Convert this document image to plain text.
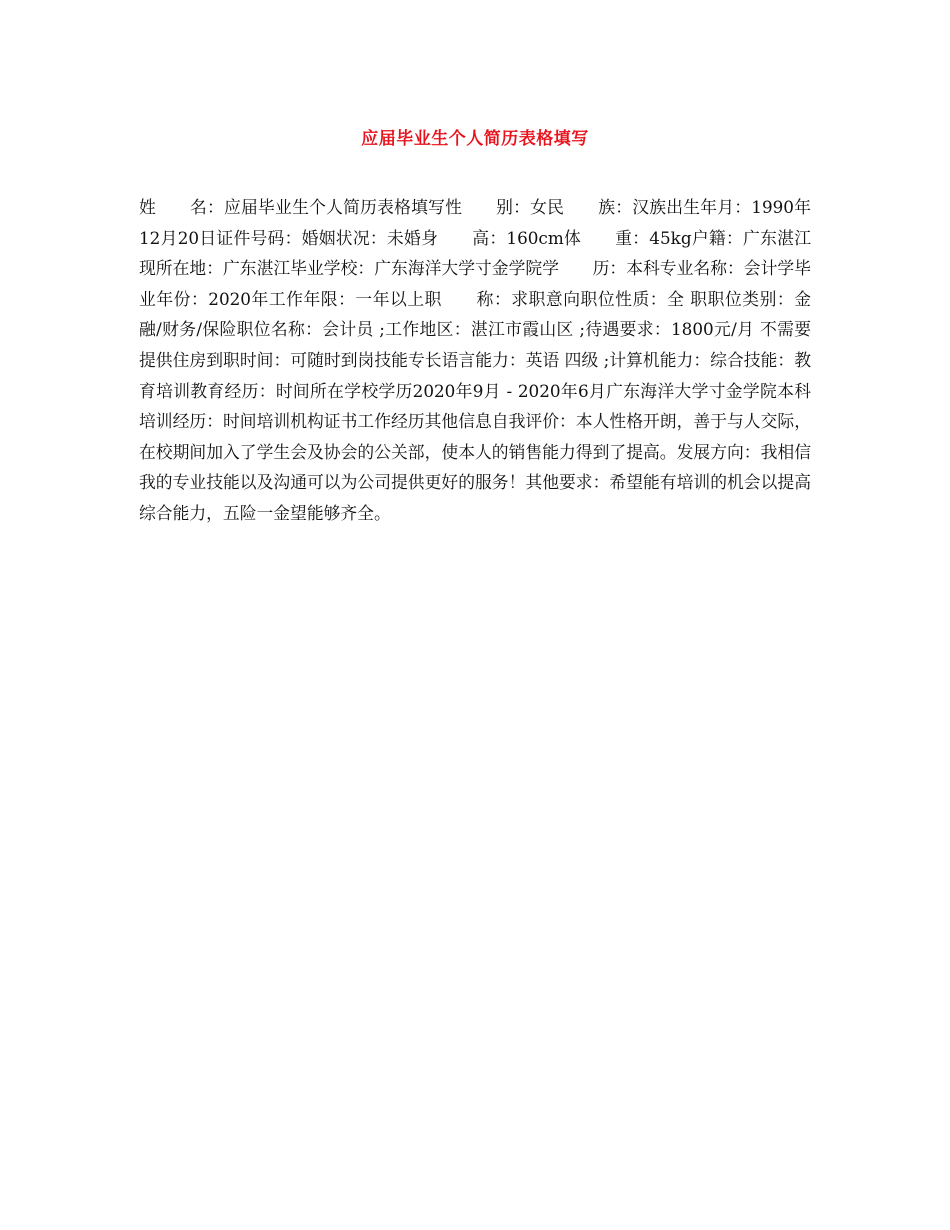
应届毕业生个人简历表格填写

姓　　名：应届毕业生个人简历表格填写性　　别：女民　　族：汉族出生年月：1990年12月20日证件号码：婚姻状况：未婚身　　高：160cm体　　重：45kg户籍：广东湛江现所在地：广东湛江毕业学校：广东海洋大学寸金学院学　　历：本科专业名称：会计学毕业年份：2020年工作年限：一年以上职　　称：求职意向职位性质：全 职职位类别：金融/财务/保险职位名称：会计员 ;工作地区：湛江市霞山区 ;待遇要求：1800元/月 不需要提供住房到职时间：可随时到岗技能专长语言能力：英语 四级 ;计算机能力：综合技能：教育培训教育经历：时间所在学校学历2020年9月 - 2020年6月广东海洋大学寸金学院本科培训经历：时间培训机构证书工作经历其他信息自我评价：本人性格开朗，善于与人交际，在校期间加入了学生会及协会的公关部，使本人的销售能力得到了提高。发展方向：我相信我的专业技能以及沟通可以为公司提供更好的服务！其他要求：希望能有培训的机会以提高综合能力，五险一金望能够齐全。
